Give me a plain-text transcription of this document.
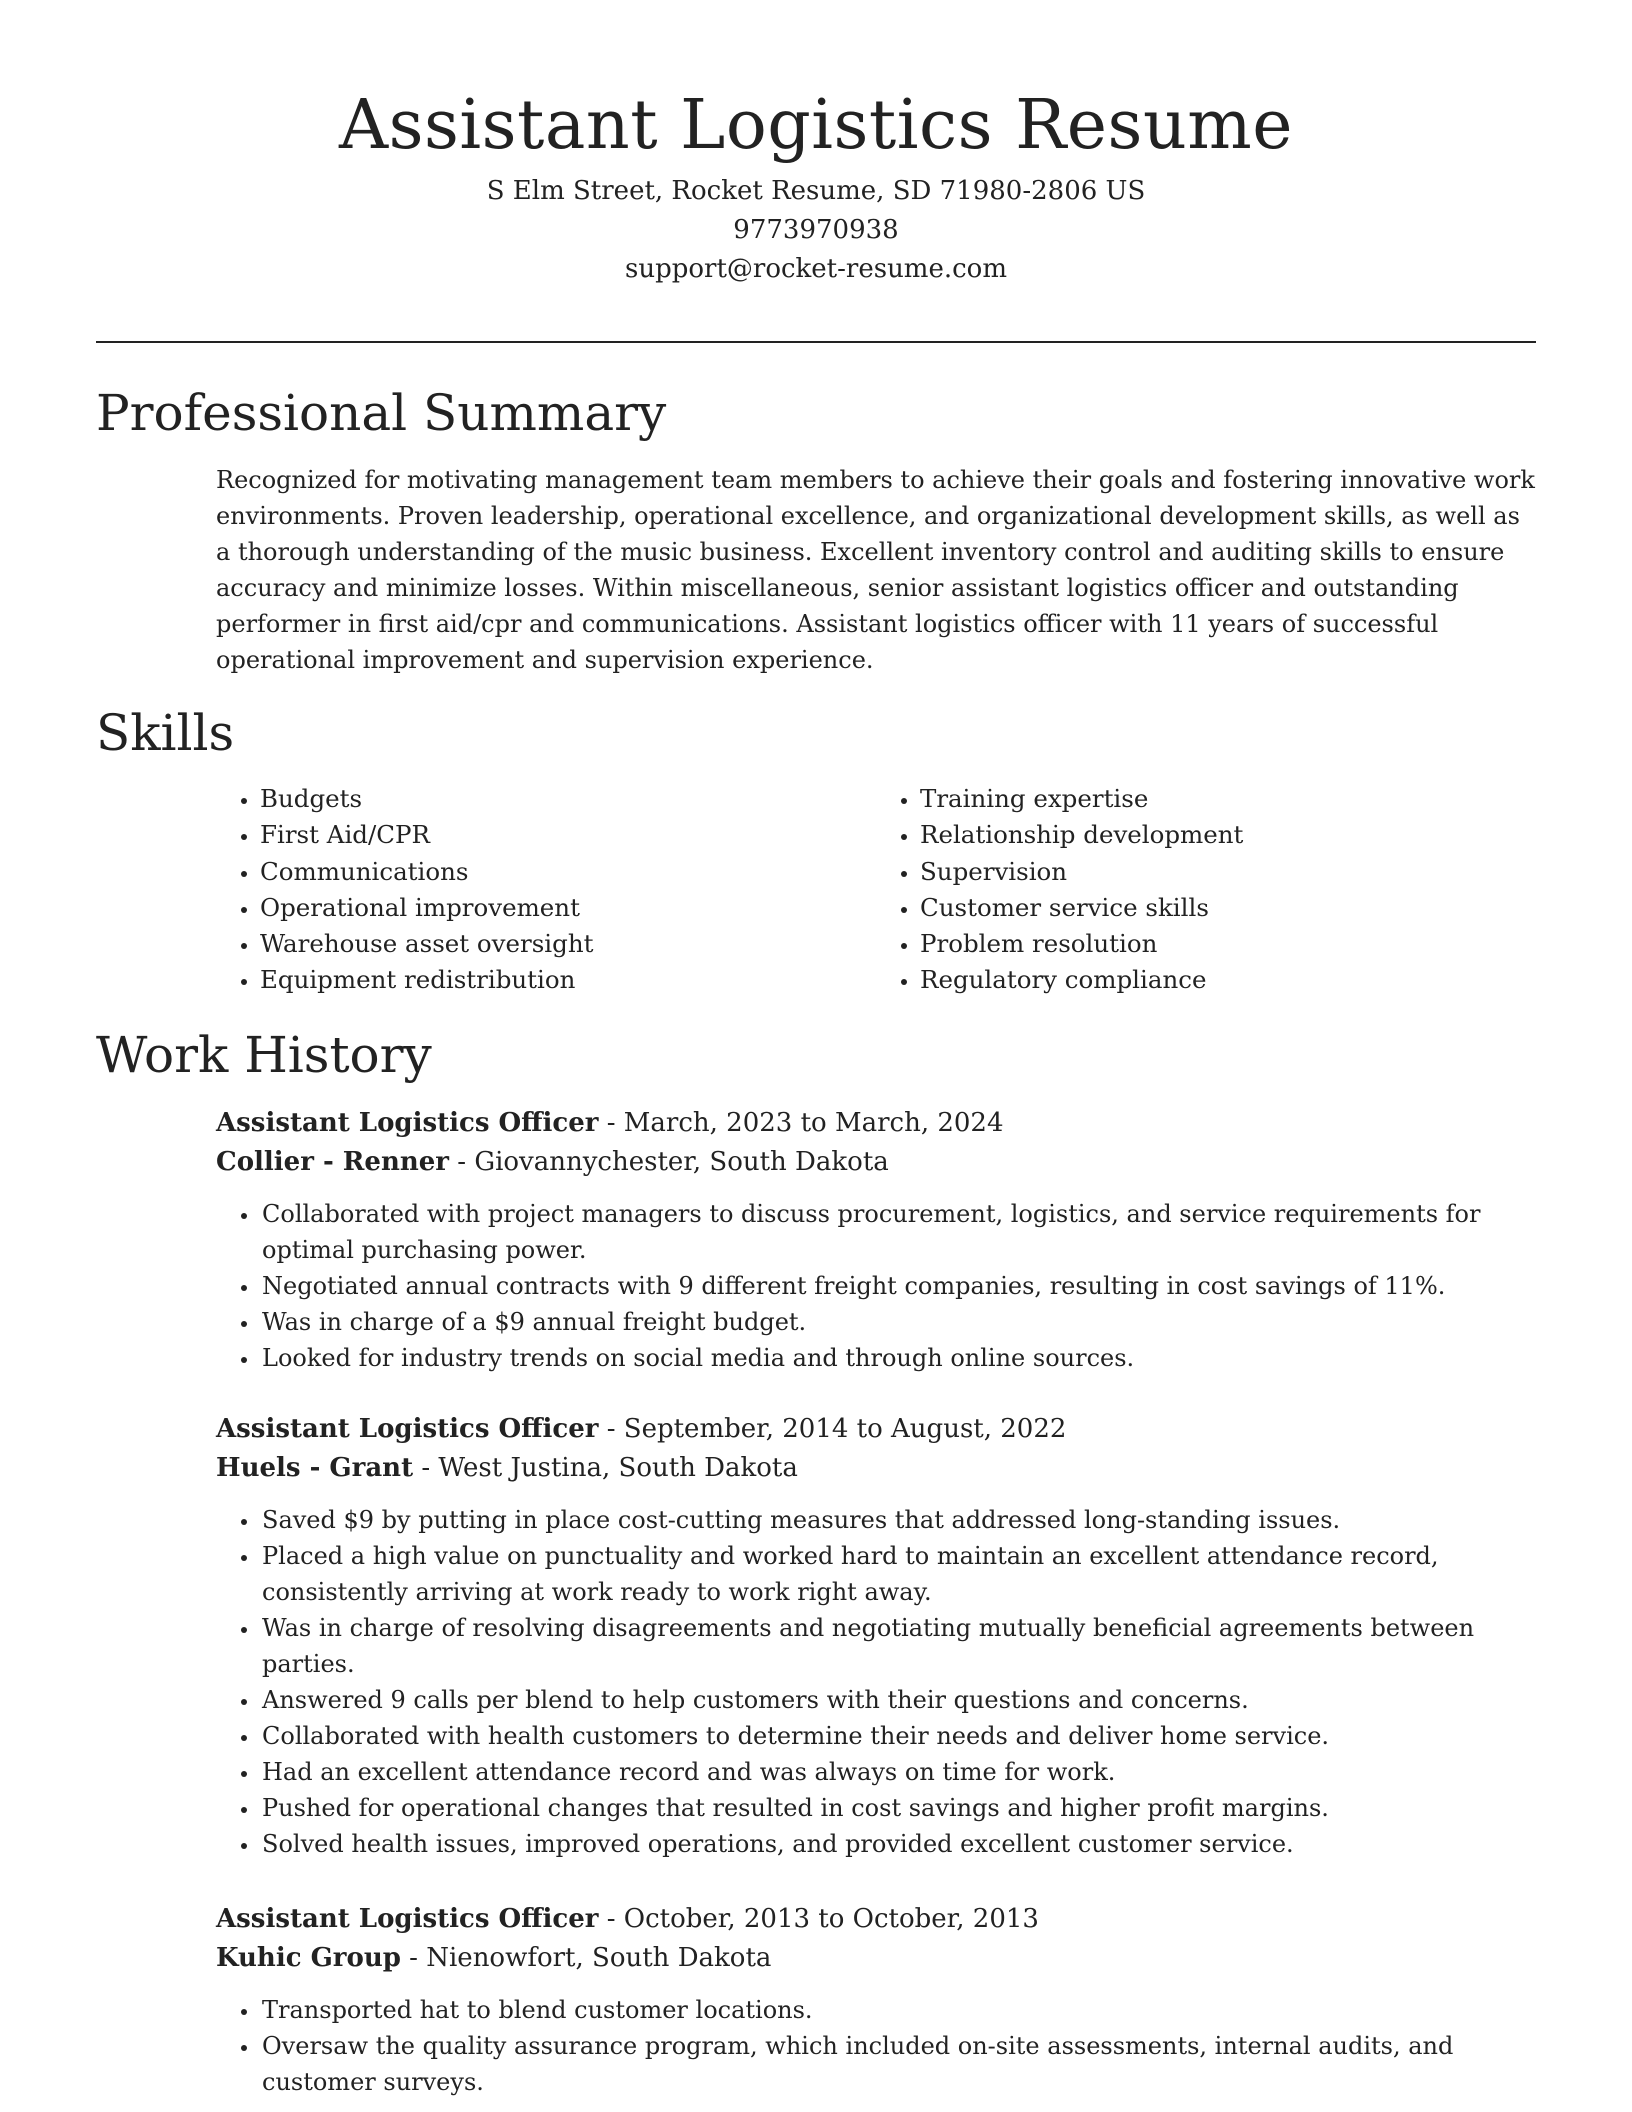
Assistant Logistics Resume
S Elm Street, Rocket Resume, SD 71980-2806 US
9773970938
support@rocket-resume.com
Professional Summary

Recognized for motivating management team members to achieve their goals and fostering innovative work environments. Proven leadership, operational excellence, and organizational development skills, as well as a thorough understanding of the music business. Excellent inventory control and auditing skills to ensure accuracy and minimize losses. Within miscellaneous, senior assistant logistics officer and outstanding performer in first aid/cpr and communications. Assistant logistics officer with 11 years of successful operational improvement and supervision experience.

Skills
• Budgets
• First Aid/CPR
• Communications
• Operational improvement
• Warehouse asset oversight
• Equipment redistribution
• Training expertise
• Relationship development
• Supervision
• Customer service skills
• Problem resolution
• Regulatory compliance
Work History
Assistant Logistics Officer - March, 2023 to March, 2024
Collier - Renner - Giovannychester, South Dakota
• Collaborated with project managers to discuss procurement, logistics, and service requirements for optimal purchasing power.
• Negotiated annual contracts with 9 different freight companies, resulting in cost savings of 11%.
• Was in charge of a $9 annual freight budget.
• Looked for industry trends on social media and through online sources.
Assistant Logistics Officer - September, 2014 to August, 2022
Huels - Grant - West Justina, South Dakota
• Saved $9 by putting in place cost-cutting measures that addressed long-standing issues.
• Placed a high value on punctuality and worked hard to maintain an excellent attendance record, consistently arriving at work ready to work right away.
• Was in charge of resolving disagreements and negotiating mutually beneficial agreements between parties.
• Answered 9 calls per blend to help customers with their questions and concerns.
• Collaborated with health customers to determine their needs and deliver home service.
• Had an excellent attendance record and was always on time for work.
• Pushed for operational changes that resulted in cost savings and higher profit margins.
• Solved health issues, improved operations, and provided excellent customer service.
Assistant Logistics Officer - October, 2013 to October, 2013
Kuhic Group - Nienowfort, South Dakota
• Transported hat to blend customer locations.
• Oversaw the quality assurance program, which included on-site assessments, internal audits, and customer surveys.
